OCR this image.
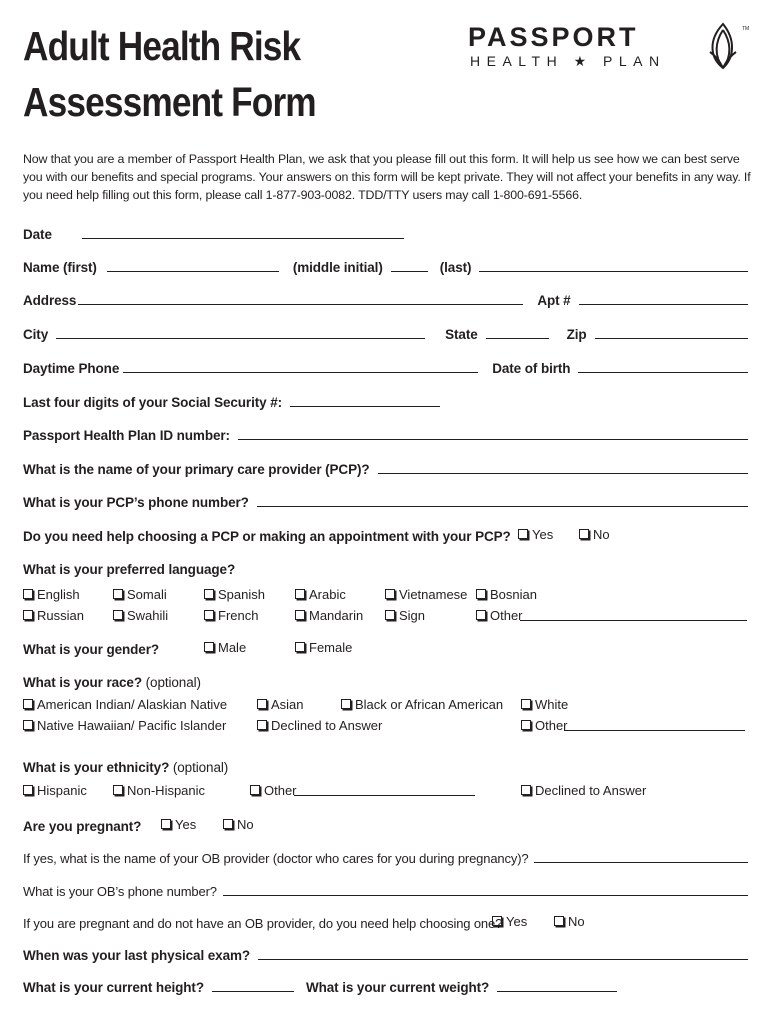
Adult Health Risk
Assessment Form
PASSPORT
HEALTH ★ PLAN
TM
Now that you are a member of Passport Health Plan, we ask that you please fill out this form. It will help us see how we can best serve you with our benefits and special programs. Your answers on this form will be kept private. They will not affect your benefits in any way. If you need help filling out this form, please call 1-877-903-0082. TDD/TTY users may call 1-800-691-5566.
Date
Name (first)	(middle initial)	(last)
Address	Apt #
City	State	Zip
Daytime Phone	Date of birth
Last four digits of your Social Security #:
Passport Health Plan ID number:
What is the name of your primary care provider (PCP)?
What is your PCP’s phone number?
Do you need help choosing a PCP or making an appointment with your PCP? Yes	No
What is your preferred language?
English	Somali	Spanish	Arabic	Vietnamese Bosnian
Russian	Swahili	French	Mandarin	Sign	Other
What is your gender?	Male	Female
What is your race? (optional)
American Indian/ Alaskian Native	Asian	Black or African American White
Native Hawaiian/ Pacific Islander	Declined to Answer	Other
What is your ethnicity? (optional)
Hispanic	Non-Hispanic	Other	Declined to Answer
Are you pregnant?	Yes	No
If yes, what is the name of your OB provider (doctor who cares for you during pregnancy)?
What is your OB’s phone number?
If you are pregnant and do not have an OB provider, do you need help choosing one? Yes	No
When was your last physical exam?
What is your current height?	What is your current weight?
